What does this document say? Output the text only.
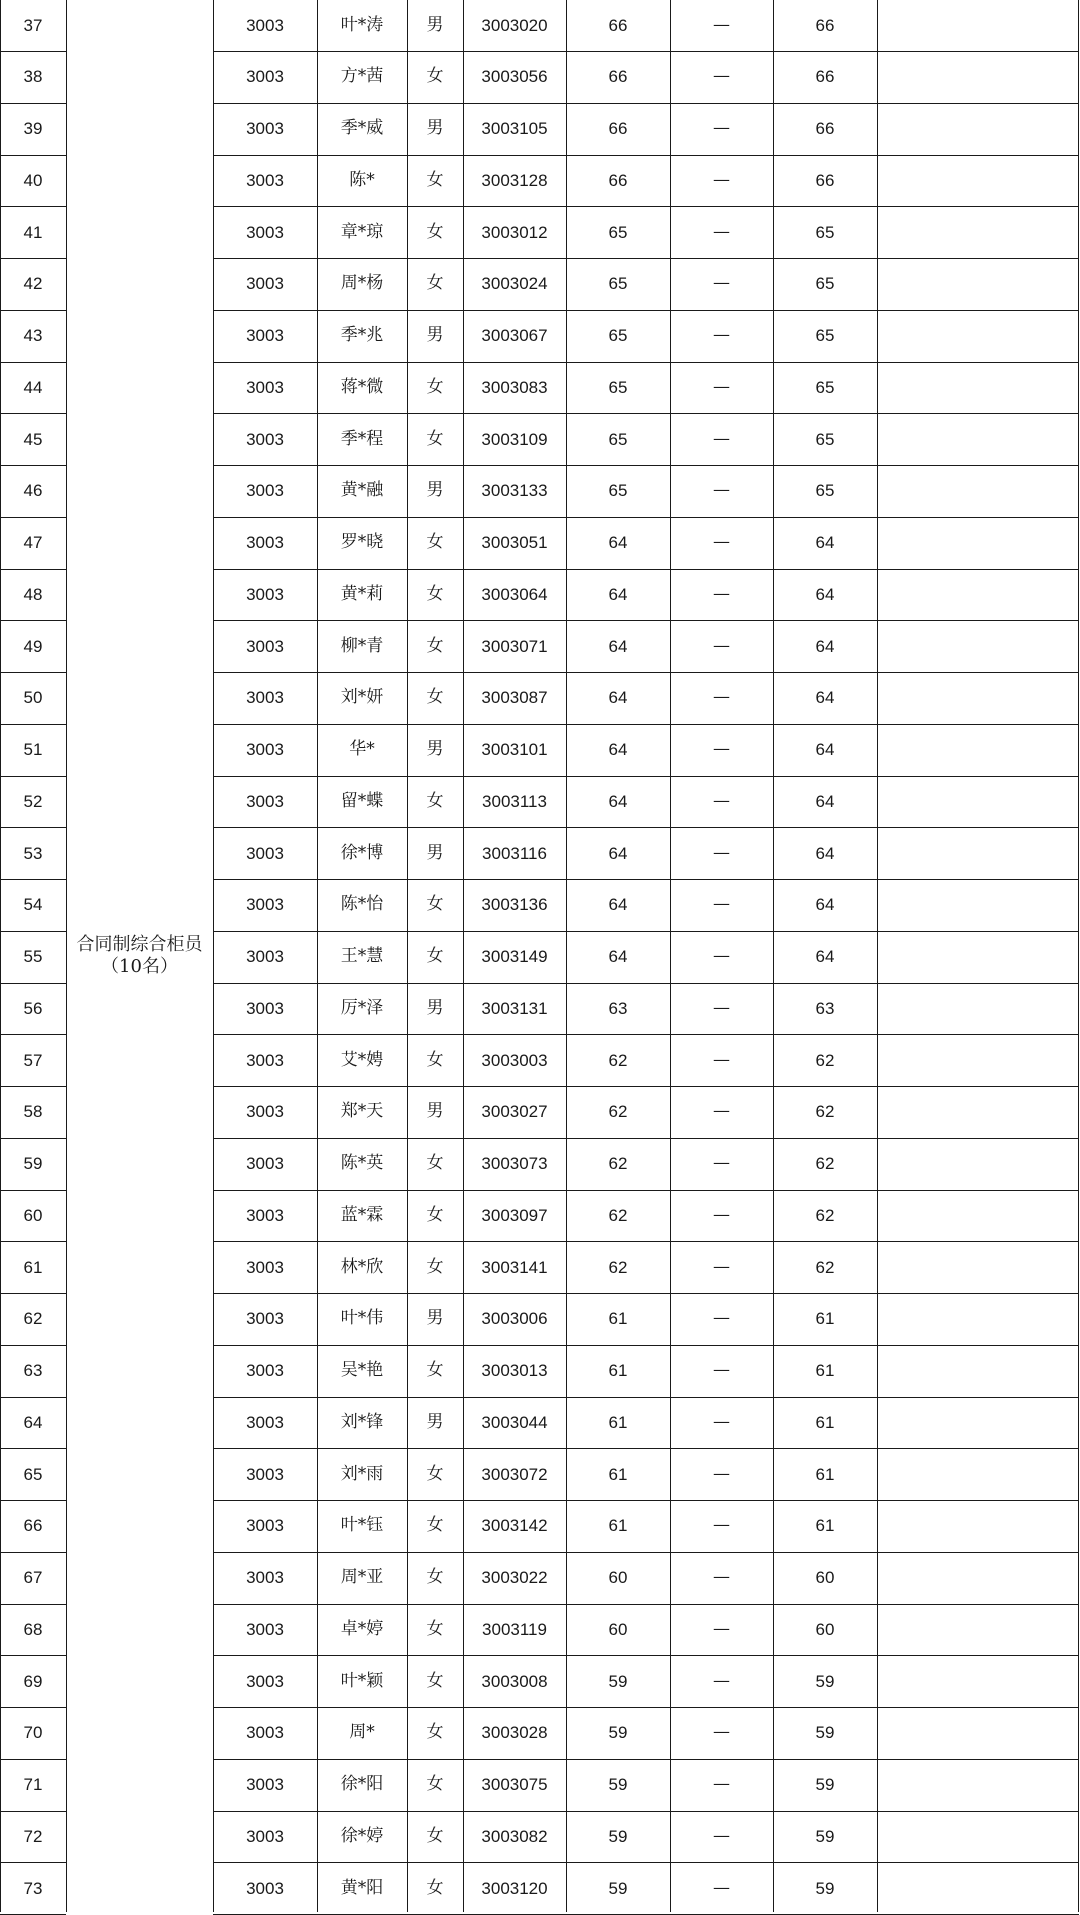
合同制综合柜员
（10名）
37	3003	叶*涛	男	3003020	66	—	66
38	3003	方*茜	女	3003056	66	—	66
39	3003	季*威	男	3003105	66	—	66
40	3003	陈*	女	3003128	66	—	66
41	3003	章*琼	女	3003012	65	—	65
42	3003	周*杨	女	3003024	65	—	65
43	3003	季*兆	男	3003067	65	—	65
44	3003	蒋*微	女	3003083	65	—	65
45	3003	季*程	女	3003109	65	—	65
46	3003	黄*融	男	3003133	65	—	65
47	3003	罗*晓	女	3003051	64	—	64
48	3003	黄*莉	女	3003064	64	—	64
49	3003	柳*青	女	3003071	64	—	64
50	3003	刘*妍	女	3003087	64	—	64
51	3003	华*	男	3003101	64	—	64
52	3003	留*蝶	女	3003113	64	—	64
53	3003	徐*博	男	3003116	64	—	64
54	3003	陈*怡	女	3003136	64	—	64
55	3003	王*慧	女	3003149	64	—	64
56	3003	厉*泽	男	3003131	63	—	63
57	3003	艾*娉	女	3003003	62	—	62
58	3003	郑*天	男	3003027	62	—	62
59	3003	陈*英	女	3003073	62	—	62
60	3003	蓝*霖	女	3003097	62	—	62
61	3003	林*欣	女	3003141	62	—	62
62	3003	叶*伟	男	3003006	61	—	61
63	3003	吴*艳	女	3003013	61	—	61
64	3003	刘*锋	男	3003044	61	—	61
65	3003	刘*雨	女	3003072	61	—	61
66	3003	叶*钰	女	3003142	61	—	61
67	3003	周*亚	女	3003022	60	—	60
68	3003	卓*婷	女	3003119	60	—	60
69	3003	叶*颖	女	3003008	59	—	59
70	3003	周*	女	3003028	59	—	59
71	3003	徐*阳	女	3003075	59	—	59
72	3003	徐*婷	女	3003082	59	—	59
73	3003	黄*阳	女	3003120	59	—	59
